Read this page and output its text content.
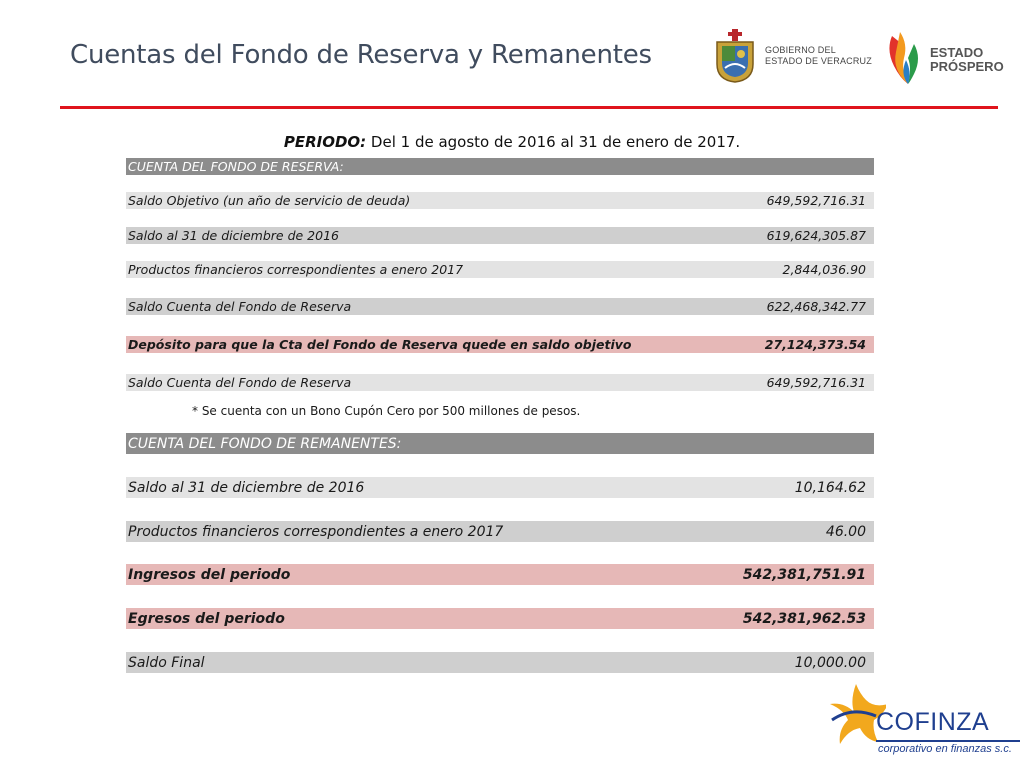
Cuentas del Fondo de Reserva y Remanentes	GOBIERNO DEL
ESTADO DE VERACRUZ
ESTADO
PRÓSPERO
PERIODO: Del 1 de agosto de 2016 al 31 de enero de 2017.
CUENTA DEL FONDO DE RESERVA:
Saldo Objetivo (un año de servicio de deuda)	649,592,716.31
Saldo al 31 de diciembre de 2016	619,624,305.87
Productos financieros correspondientes a enero 2017	2,844,036.90
Saldo Cuenta del Fondo de Reserva	622,468,342.77
Depósito para que la Cta del Fondo de Reserva quede en saldo objetivo	27,124,373.54
Saldo Cuenta del Fondo de Reserva	649,592,716.31
* Se cuenta con un Bono Cupón Cero por 500 millones de pesos.
CUENTA DEL FONDO DE REMANENTES:
Saldo al 31 de diciembre de 2016	10,164.62
Productos financieros correspondientes a enero 2017	46.00
Ingresos del periodo	542,381,751.91
Egresos del periodo	542,381,962.53
Saldo Final	10,000.00
COFINZA
corporativo en finanzas s.c.
